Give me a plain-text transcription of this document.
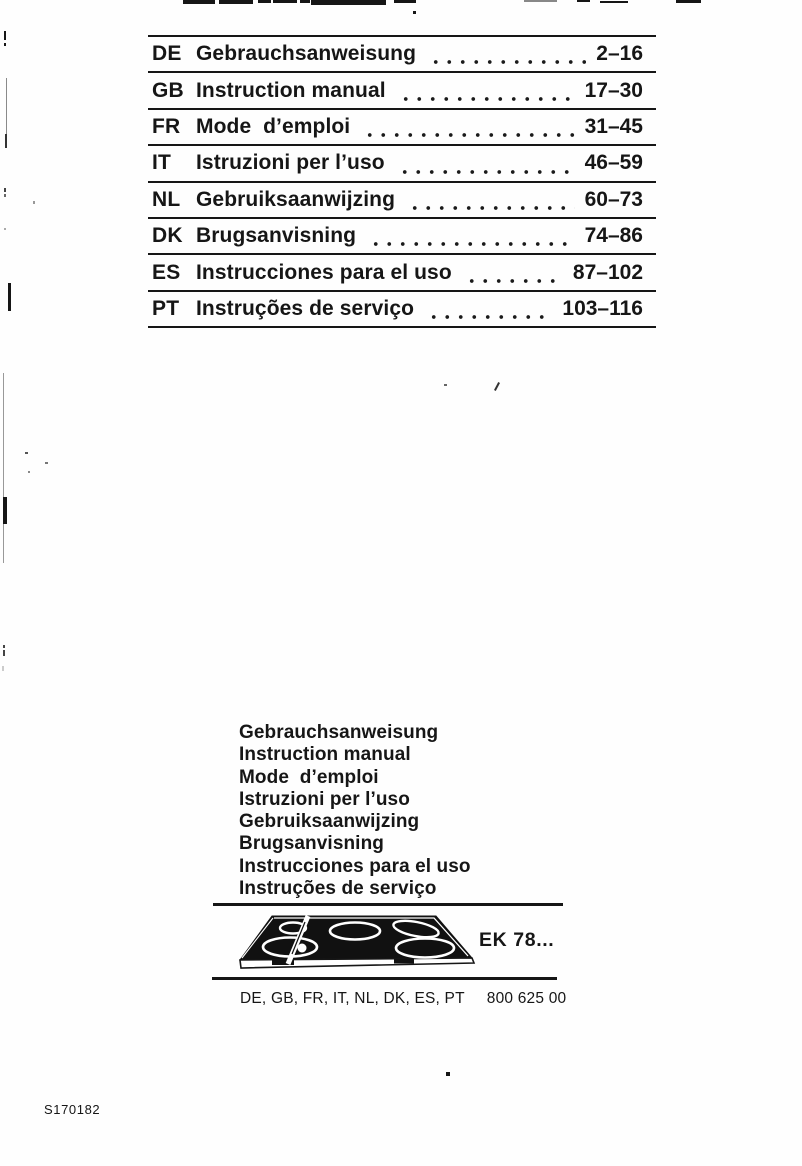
DE Gebrauchsanweisung	2–16
GB Instruction manual	17–30
FR Mode  d’emploi	31–45
IT	Istruzioni per l’uso	46–59
NL Gebruiksaanwijzing	60–73
DK Brugsanvisning	74–86
ES Instrucciones para el uso	87–102
PT Instruções de serviço	103–116
Gebrauchsanweisung
Instruction manual
Mode  d’emploi
Istruzioni per l’uso
Gebruiksaanwijzing
Brugsanvisning
Instrucciones para el uso
Instruções de serviço
EK 78...
DE, GB, FR, IT, NL, DK, ES, PT 800 625 00
S170182
